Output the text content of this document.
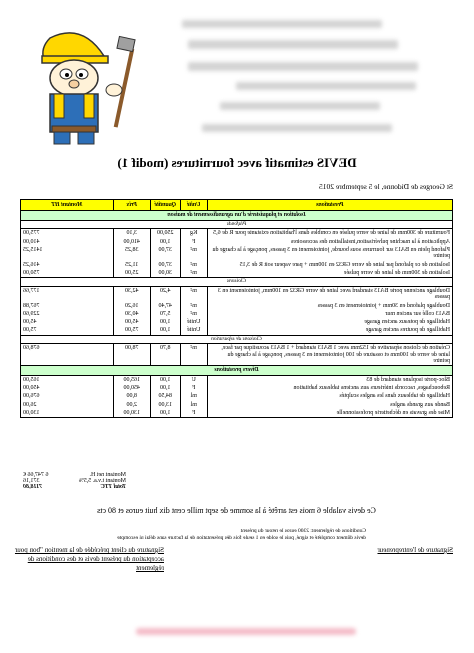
DEVIS estimatif avec fournitures (modif 1)
St Georges de Didonne, le 5 septembre 2015
Prestations	Unité	Quantité	Prix	Montant HT
Isolation et plaquisterie d'un agrandissement de maison				
Plafonds				
Fourniture de 300mm de laine de verre pulsée en combles dans l'habitation existante pour R de 6,5	Kg	250,00	3,10	775,00
Application à la machine pulvérisation,installation des accessoires	F	1,00	410,00	410,00
Plafond plein en BA13 sur fourrures sous bourde, jointoiement en 3 passes, ponçage à la charge du peintre	m²	37,00	38,25	1415,25
Isolation de ce plafond par laine de verre GR32 en 100mm + pare vapeur soit R de 3,15	m²	37,00	11,25	416,25
Isolation de 300mm de laine de verre pulsée	m²	30,00	25,00	750,00
Cloisons				
Doublage ancienne porte BA13 standard avec laine de verre GR32 en 100mm, jointoiement en 3 passes	m²	4,20	42,30	177,66
Doublage plafond en 30mm + jointoiement en 3 passes	m²	47,40	16,20	767,88
BA13 collé sur ancien mur	m²	5,70	40,30	229,60
Habillage de poteaux ancien garage	Unité	1,00	45,00	45,00
Habillage de poutres ancien garage	Unité	1,00	75,00	75,00
Cloisons de séparation				
Création de cloison séparative de 152mm avec 1 BA13 standard + 1 BA13 acoustique par face, laine de verre de 100mm et ossature de 100 jointoiement en 3 passes, ponçage à la charge du peintre	m²	8,70	78,00	678,60
Divers prestations				
Bloc-porte isoplane standard de 83	U	1,00	165,00	165,00
Rebouchages, raccords intérieurs aux anciens tableaux habitation	F	1,00	450,00	450,00
Habillage de tableaux dans les angles sculptés	ml	84,50	8,00	676,00
Bande aux grands angles	ml	13,00	2,00	26,00
Mise des gravats en déchetterie professionnelle	F	1,00	130,00	130,00
Montant net H.
6 747,66 €
Montant t.v.a. 5,5%
371,16
Total TTC
7118,80
Ce devis valable 6 mois est arrêté à la somme de sept mille cent dix huit euros et 80 cts
Conditions de règlement: 2300 euros le retour du présent
devis dûment complété et signé, puis le solde en 1 seule fois dès présentation de la facture sans délai ni escompte
Signature de l'entrepreneur
Signature du client précédée de la mention "bon pour acceptation du présent devis et des conditions de règlement
